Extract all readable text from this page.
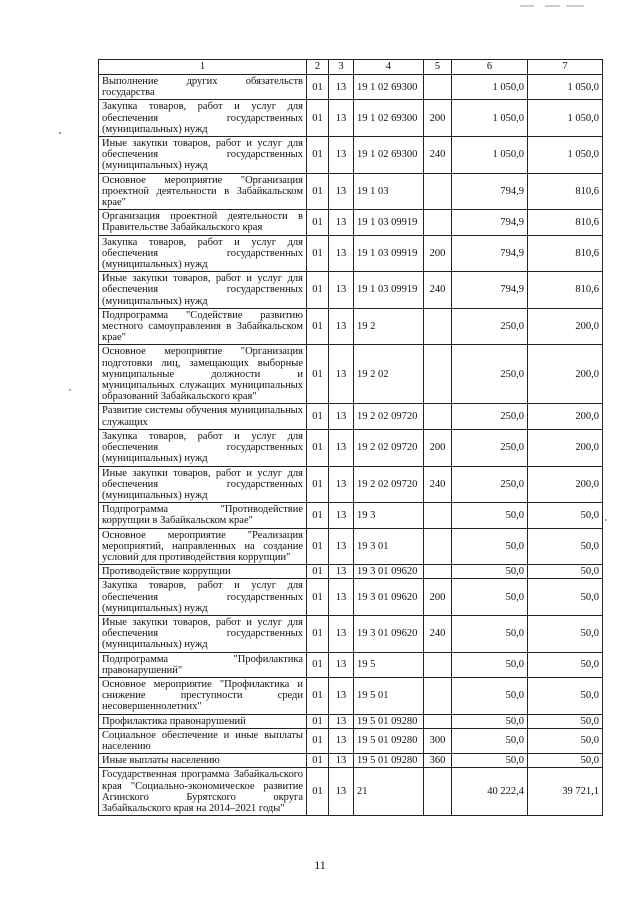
1	2	3	4	5	6	7
Выполнение других обязательств государства	01	13	19 1 02 69300		1 050,0	1 050,0
Закупка товаров, работ и услуг для обеспечения государственных (муниципальных) нужд	01	13	19 1 02 69300	200	1 050,0	1 050,0
Иные закупки товаров, работ и услуг для обеспечения государственных (муниципальных) нужд	01	13	19 1 02 69300	240	1 050,0	1 050,0
Основное мероприятие "Организация проектной деятельности в Забайкальском крае"	01	13	19 1 03		794,9	810,6
Организация проектной деятельности в Правительстве Забайкальского края	01	13	19 1 03 09919		794,9	810,6
Закупка товаров, работ и услуг для обеспечения государственных (муниципальных) нужд	01	13	19 1 03 09919	200	794,9	810,6
Иные закупки товаров, работ и услуг для обеспечения государственных (муниципальных) нужд	01	13	19 1 03 09919	240	794,9	810,6
Подпрограмма "Содействие развитию местного самоуправления в Забайкальском крае"	01	13	19 2		250,0	200,0
Основное мероприятие "Организация подготовки лиц, замещающих выборные муниципальные должности и муниципальных служащих муниципальных образований Забайкальского края"	01	13	19 2 02		250,0	200,0
Развитие системы обучения муниципальных служащих	01	13	19 2 02 09720		250,0	200,0
Закупка товаров, работ и услуг для обеспечения государственных (муниципальных) нужд	01	13	19 2 02 09720	200	250,0	200,0
Иные закупки товаров, работ и услуг для обеспечения государственных (муниципальных) нужд	01	13	19 2 02 09720	240	250,0	200,0
Подпрограмма "Противодействие коррупции в Забайкальском крае"	01	13	19 3		50,0	50,0
Основное мероприятие "Реализация мероприятий, направленных на создание условий для противодействия коррупции"	01	13	19 3 01		50,0	50,0
Противодействие коррупции	01	13	19 3 01 09620		50,0	50,0
Закупка товаров, работ и услуг для обеспечения государственных (муниципальных) нужд	01	13	19 3 01 09620	200	50,0	50,0
Иные закупки товаров, работ и услуг для обеспечения государственных (муниципальных) нужд	01	13	19 3 01 09620	240	50,0	50,0
Подпрограмма "Профилактика правонарушений"	01	13	19 5		50,0	50,0
Основное мероприятие "Профилактика и снижение преступности среди несовершеннолетних"	01	13	19 5 01		50,0	50,0
Профилактика правонарушений	01	13	19 5 01 09280		50,0	50,0
Социальное обеспечение и иные выплаты населению	01	13	19 5 01 09280	300	50,0	50,0
Иные выплаты населению	01	13	19 5 01 09280	360	50,0	50,0
Государственная программа Забайкальского края "Социально-экономическое развитие Агинского Бурятского округа Забайкальского края на 2014–2021 годы"	01	13	21		40 222,4	39 721,1
11
